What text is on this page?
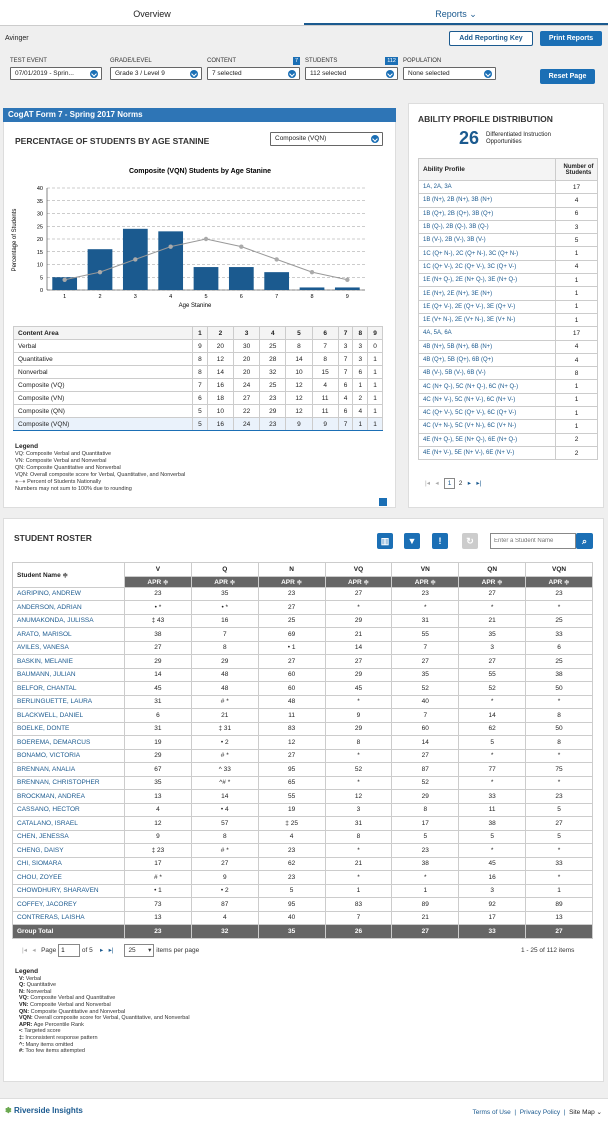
Overview	Reports ⌄
Avinger	Add Reporting Key	Print Reports
Reset Page
TEST EVENT
07/01/2019 - Sprin...
GRADE/LEVEL
Grade 3 / Level 9
CONTENT	7
7 selected
STUDENTS	112
112 selected
POPULATION
None selected
CogAT Form 7 - Spring 2017 Norms
PERCENTAGE OF STUDENTS BY AGE STANINE	Composite (VQN)
Composite (VQN) Students by Age Stanine
Percentage of Students
Age Stanine
0
5
10
15
20
25
30
35
40
1	2	3	4	5	6	7	8	9
Content Area	1	2	3	4	5	6	7	8	9
Verbal	9	20	30	25	8	7	3	3	0
Quantitative	8	12	20	28	14	8	7	3	1
Nonverbal	8	14	20	32	10	15	7	6	1
Composite (VQ)	7	16	24	25	12	4	6	1	1
Composite (VN)	6	18	27	23	12	11	4	2	1
Composite (QN)	5	10	22	29	12	11	6	4	1
Composite (VQN)	5	16	24	23	9	9	7	1	1
Legend
VQ: Composite Verbal and Quantitative
VN: Composite Verbal and Nonverbal
QN: Composite Quantitative and Nonverbal
VQN: Overall composite score for Verbal, Quantitative, and Nonverbal
●─● Percent of Students Nationally
Numbers may not sum to 100% due to rounding
ABILITY PROFILE DISTRIBUTION
26 Differentiated Instruction
Opportunities
Ability Profile	Number of Students
1A, 2A, 3A	17
1B (N+), 2B (N+), 3B (N+)	4
1B (Q+), 2B (Q+), 3B (Q+)	6
1B (Q-), 2B (Q-), 3B (Q-)	3
1B (V-), 2B (V-), 3B (V-)	5
1C (Q+ N-), 2C (Q+ N-), 3C (Q+ N-)	1
1C (Q+ V-), 2C (Q+ V-), 3C (Q+ V-)	4
1E (N+ Q-), 2E (N+ Q-), 3E (N+ Q-)	1
1E (N+), 2E (N+), 3E (N+)	1
1E (Q+ V-), 2E (Q+ V-), 3E (Q+ V-)	1
1E (V+ N-), 2E (V+ N-), 3E (V+ N-)	1
4A, 5A, 6A	17
4B (N+), 5B (N+), 6B (N+)	4
4B (Q+), 5B (Q+), 6B (Q+)	4
4B (V-), 5B (V-), 6B (V-)	8
4C (N+ Q-), 5C (N+ Q-), 6C (N+ Q-)	1
4C (N+ V-), 5C (N+ V-), 6C (N+ V-)	1
4C (Q+ V-), 5C (Q+ V-), 6C (Q+ V-)	1
4C (V+ N-), 5C (V+ N-), 6C (V+ N-)	1
4E (N+ Q-), 5E (N+ Q-), 6E (N+ Q-)	2
4E (N+ V-), 5E (N+ V-), 6E (N+ V-)	2
|◂ ◂ 1 2 ▸ ▸|
STUDENT ROSTER	▥	▼	!	↻
Enter a Student Name	⌕
Student Name ≑	V	Q	N	VQ	VN	QN	VQN
	APR ≑	APR ≑	APR ≑	APR ≑	APR ≑	APR ≑	APR ≑
AGRIPINO, ANDREW	23	35	23	27	23	27	23
ANDERSON, ADRIAN	• *	• *	27	*	*	*	*
ANUMAKONDA, JULISSA	‡ 43	16	25	29	31	21	25
ARATO, MARISOL	38	7	69	21	55	35	33
AVILES, VANESA	27	8	• 1	14	7	3	6
BASKIN, MELANIE	29	29	27	27	27	27	25
BAUMANN, JULIAN	14	48	60	29	35	55	38
BELFOR, CHANTAL	45	48	60	45	52	52	50
BERLINGUETTE, LAURA	31	# *	48	*	40	*	*
BLACKWELL, DANIEL	6	21	11	9	7	14	8
BOELKE, DONTE	31	‡ 31	83	29	60	62	50
BOEREMA, DEMARCUS	19	• 2	12	8	14	5	8
BONAMO, VICTORIA	29	# *	27	*	27	*	*
BRENNAN, ANALIA	67	^ 33	95	52	87	77	75
BRENNAN, CHRISTOPHER	35	^# *	65	*	52	*	*
BROCKMAN, ANDREA	13	14	55	12	29	33	23
CASSANO, HECTOR	4	• 4	19	3	8	11	5
CATALANO, ISRAEL	12	57	‡ 25	31	17	38	27
CHEN, JENESSA	9	8	4	8	5	5	5
CHENG, DAISY	‡ 23	# *	23	*	23	*	*
CHI, SIOMARA	17	27	62	21	38	45	33
CHOU, ZOYEE	# *	9	23	*	*	16	*
CHOWDHURY, SHARAVEN	• 1	• 2	5	1	1	3	1
COFFEY, JACOREY	73	87	95	83	89	92	89
CONTRERAS, LAISHA	13	4	40	7	21	17	13
Group Total	23	32	35	26	27	33	27
|◂ ◂ Page 1	of 5 ▸ ▸| 25 ▾ items per page	1 - 25 of 112 items
Legend
V: Verbal
Q: Quantitative
N: Nonverbal
VQ: Composite Verbal and Quantitative
VN: Composite Verbal and Nonverbal
QN: Composite Quantitative and Nonverbal
VQN: Overall composite score for Verbal, Quantitative, and Nonverbal
APR: Age Percentile Rank
•: Targeted score
‡: Inconsistent response pattern
^: Many items omitted
#: Too few items attempted

✽ Riverside Insights	Terms of Use  |  Privacy Policy  |  Site Map ⌄
